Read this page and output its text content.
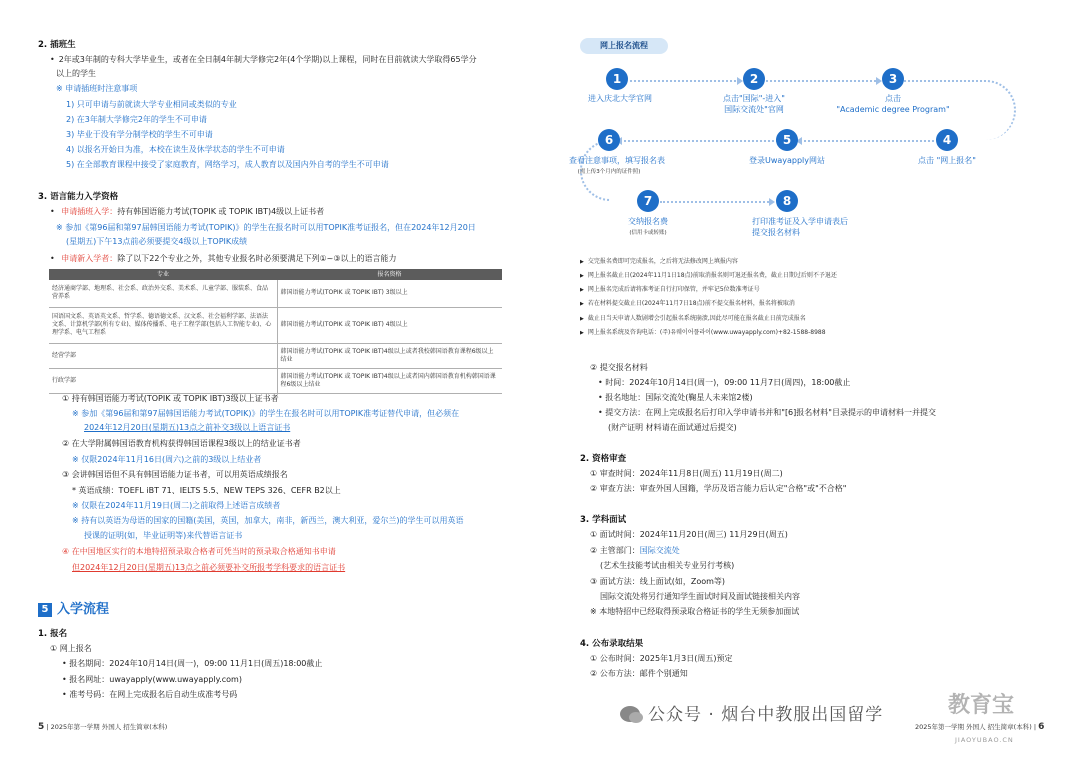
2. 插班生
• 2年或3年制的专科大学毕业生，或者在全日制4年制大学修完2年(4个学期)以上课程，同时在目前就读大学取得65学分
以上的学生
※ 申请插班时注意事项
1) 只可申请与前就读大学专业相同或类似的专业
2) 在3年制大学修完2年的学生不可申请
3) 毕业于没有学分制学校的学生不可申请
4) 以报名开始日为准，本校在读生及休学状态的学生不可申请
5) 在全部教育课程中接受了家庭教育，网络学习，成人教育以及国内外自考的学生不可申请
3. 语言能力入学资格
• 申请插班入学：持有韩国语能力考试(TOPIK 或 TOPIK IBT)4级以上证书者
※ 参加《第96届和第97届韩国语能力考试(TOPIK)》的学生在报名时可以用TOPIK准考证报名，但在2024年12月20日
(星期五)下午13点前必须要提交4级以上TOPIK成绩
• 申请新入学者：除了以下22个专业之外，其他专业报名时必须要满足下列①~③以上的语言能力
专业	报名资格
经济通商学部、地理系、社会系、政治外交系、美术系、儿童学部、服装系、食品营养系	韩国语能力考试(TOPIK 或 TOPIK IBT) 3级以上
国语国文系、英语英文系、哲学系、德语德文系、汉文系、社会福利学部、法语法文系、计算机学部(所有专业)、媒体传播系、电子工程学部(包括人工智能专业)、心理学系、电气工程系	韩国语能力考试(TOPIK 或 TOPIK IBT) 4级以上
经营学部	韩国语能力考试(TOPIK 或 TOPIK IBT)4级以上或者我校韩国语教育课程6级以上结业
行政学部	韩国语能力考试(TOPIK 或 TOPIK IBT)4级以上或者国内韩国语教育机构韩国语课程6级以上结业
① 持有韩国语能力考试(TOPIK 或 TOPIK IBT)3级以上证书者
※ 参加《第96届和第97届韩国语能力考试(TOPIK)》的学生在报名时可以用TOPIK准考证替代申请，但必须在
2024年12月20日(星期五)13点之前补交3级以上语言证书
② 在大学附属韩国语教育机构获得韩国语课程3级以上的结业证书者
※ 仅限2024年11月16日(周六)之前的3级以上结业者
③ 会讲韩国语但不具有韩国语能力证书者，可以用英语成绩报名
* 英语成绩：TOEFL iBT 71、IELTS 5.5、NEW TEPS 326、CEFR B2以上
※ 仅限在2024年11月19日(周二)之前取得上述语言成绩者
※ 持有以英语为母语的国家的国籍(美国，英国，加拿大，南非，新西兰，澳大利亚，爱尔兰)的学生可以用英语
授课的证明(如，毕业证明等)来代替语言证书
④ 在中国地区实行的本地特招预录取合格者可凭当时的预录取合格通知书申请
但2024年12月20日(星期五)13点之前必须要补交所报考学科要求的语言证书
5 入学流程
1. 报名
① 网上报名
• 报名期间：2024年10月14日(周一)，09:00 11月1日(周五)18:00截止
• 报名网址：uwayapply(www.uwayapply.com)
• 准考号码：在网上完成报名后自动生成准考号码
5 | 2025年第一学期 外国人 招生简章(本科)
网上报名流程
1
进入庆北大学官网
2
点击"国际"-进入"
国际交流处"官网
3
点击
"Academic degree Program"
6
查看注意事项，填写报名表
(需上传3个月内的证件照)
5
登录Uwayapply网站
4
点击 "网上报名"
7
交纳报名费
(信用卡或转账)
8
打印准考证及入学申请表后
提交报名材料
▶ 交完报名费即可完成报名，之后将无法修改网上填报内容
▶ 网上报名截止日(2024年11月1日18点)前取消报名则可退还报名费，截止日期过后则不予退还
▶ 网上报名完成后请将准考证自行打印保管，并牢记5位数准考证号
▶ 若在材料提交截止日(2024年11月7日18点)前不提交报名材料，报名将被取消
▶ 截止日当天申请人数剧增会引起报名系统崩溃,因此尽可能在报名截止日前完成报名
▶ 网上报名系统及咨询电话：(주)유웨이어플라이(www.uwayapply.com)+82-1588-8988
② 提交报名材料
• 时间：2024年10月14日(周一)，09:00 11月7日(周四)，18:00截止
• 报名地址：国际交流处(鞠星人未来馆2楼)
• 提交方法：在网上完成报名后打印入学申请书并和"[6]报名材料"目录提示的申请材料一并提交
(财产证明 材料请在面试通过后提交)
2. 资格审查
① 审查时间：2024年11月8日(周五) 11月19日(周二)
② 审查方法：审查外国人国籍，学历及语言能力后认定"合格"或"不合格"
3. 学科面试
① 面试时间：2024年11月20日(周三) 11月29日(周五)
② 主管部门：国际交流处
(艺术生技能考试由相关专业另行考核)
③ 面试方法：线上面试(如，Zoom等)
国际交流处将另行通知学生面试时间及面试链接相关内容
※ 本地特招中已经取得预录取合格证书的学生无须参加面试
4. 公布录取结果
① 公布时间：2025年1月3日(周五)预定
② 公布方法：邮件个别通知
2025年第一学期 外国人 招生简章(本科) | 6
公众号 · 烟台中教服出国留学	教育宝
JIAOYUBAO.CN
